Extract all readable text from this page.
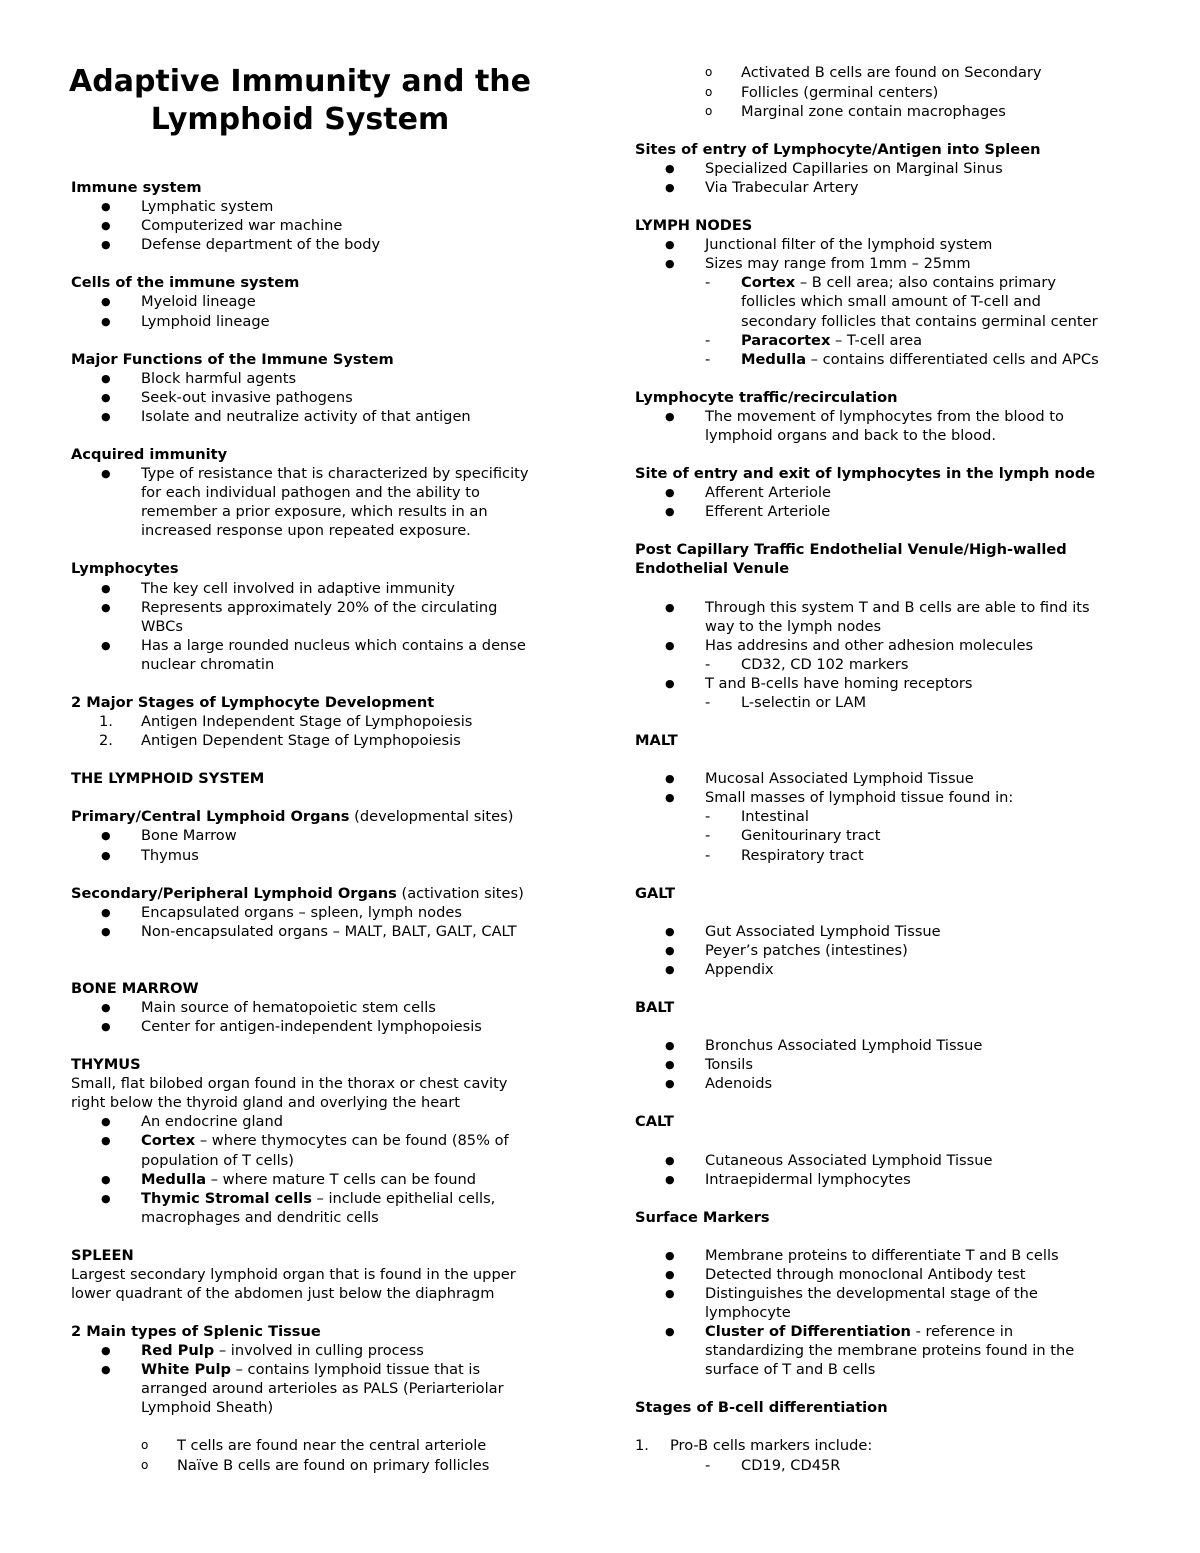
Adaptive Immunity and the
Lymphoid System
Immune system
●	Lymphatic system
●	Computerized war machine
●	Defense department of the body
Cells of the immune system
●	Myeloid lineage
●	Lymphoid lineage
Major Functions of the Immune System
●	Block harmful agents
●	Seek-out invasive pathogens
●	Isolate and neutralize activity of that antigen
Acquired immunity
●	Type of resistance that is characterized by specificity
for each individual pathogen and the ability to
remember a prior exposure, which results in an
increased response upon repeated exposure.
Lymphocytes
●	The key cell involved in adaptive immunity
●	Represents approximately 20% of the circulating
WBCs
●	Has a large rounded nucleus which contains a dense
nuclear chromatin
2 Major Stages of Lymphocyte Development
1.	Antigen Independent Stage of Lymphopoiesis
2.	Antigen Dependent Stage of Lymphopoiesis
THE LYMPHOID SYSTEM
Primary/Central Lymphoid Organs (developmental sites)
●	Bone Marrow
●	Thymus
Secondary/Peripheral Lymphoid Organs (activation sites)
●	Encapsulated organs – spleen, lymph nodes
●	Non-encapsulated organs – MALT, BALT, GALT, CALT
BONE MARROW
●	Main source of hematopoietic stem cells
●	Center for antigen-independent lymphopoiesis
THYMUS
Small, flat bilobed organ found in the thorax or chest cavity
right below the thyroid gland and overlying the heart
●	An endocrine gland
●	Cortex – where thymocytes can be found (85% of
population of T cells)
●	Medulla – where mature T cells can be found
●	Thymic Stromal cells – include epithelial cells,
macrophages and dendritic cells
SPLEEN
Largest secondary lymphoid organ that is found in the upper
lower quadrant of the abdomen just below the diaphragm
2 Main types of Splenic Tissue
●	Red Pulp – involved in culling process
●	White Pulp – contains lymphoid tissue that is
arranged around arterioles as PALS (Periarteriolar
Lymphoid Sheath)
o	T cells are found near the central arteriole
o	Naïve B cells are found on primary follicles
o	Activated B cells are found on Secondary
o	Follicles (germinal centers)
o	Marginal zone contain macrophages
Sites of entry of Lymphocyte/Antigen into Spleen
●	Specialized Capillaries on Marginal Sinus
●	Via Trabecular Artery
LYMPH NODES
●	Junctional filter of the lymphoid system
●	Sizes may range from 1mm – 25mm
-	Cortex – B cell area; also contains primary
follicles which small amount of T-cell and
secondary follicles that contains germinal center
-	Paracortex – T-cell area
-	Medulla – contains differentiated cells and APCs
Lymphocyte traffic/recirculation
●	The movement of lymphocytes from the blood to
lymphoid organs and back to the blood.
Site of entry and exit of lymphocytes in the lymph node
●	Afferent Arteriole
●	Efferent Arteriole
Post Capillary Traffic Endothelial Venule/High-walled
Endothelial Venule
●	Through this system T and B cells are able to find its
way to the lymph nodes
●	Has addresins and other adhesion molecules
-	CD32, CD 102 markers
●	T and B-cells have homing receptors
-	L-selectin or LAM
MALT
●	Mucosal Associated Lymphoid Tissue
●	Small masses of lymphoid tissue found in:
-	Intestinal
-	Genitourinary tract
-	Respiratory tract
GALT
●	Gut Associated Lymphoid Tissue
●	Peyer’s patches (intestines)
●	Appendix
BALT
●	Bronchus Associated Lymphoid Tissue
●	Tonsils
●	Adenoids
CALT
●	Cutaneous Associated Lymphoid Tissue
●	Intraepidermal lymphocytes
Surface Markers
●	Membrane proteins to differentiate T and B cells
●	Detected through monoclonal Antibody test
●	Distinguishes the developmental stage of the
lymphocyte
●	Cluster of Differentiation - reference in
standardizing the membrane proteins found in the
surface of T and B cells
Stages of B-cell differentiation
1.	Pro-B cells markers include:
-	CD19, CD45R
